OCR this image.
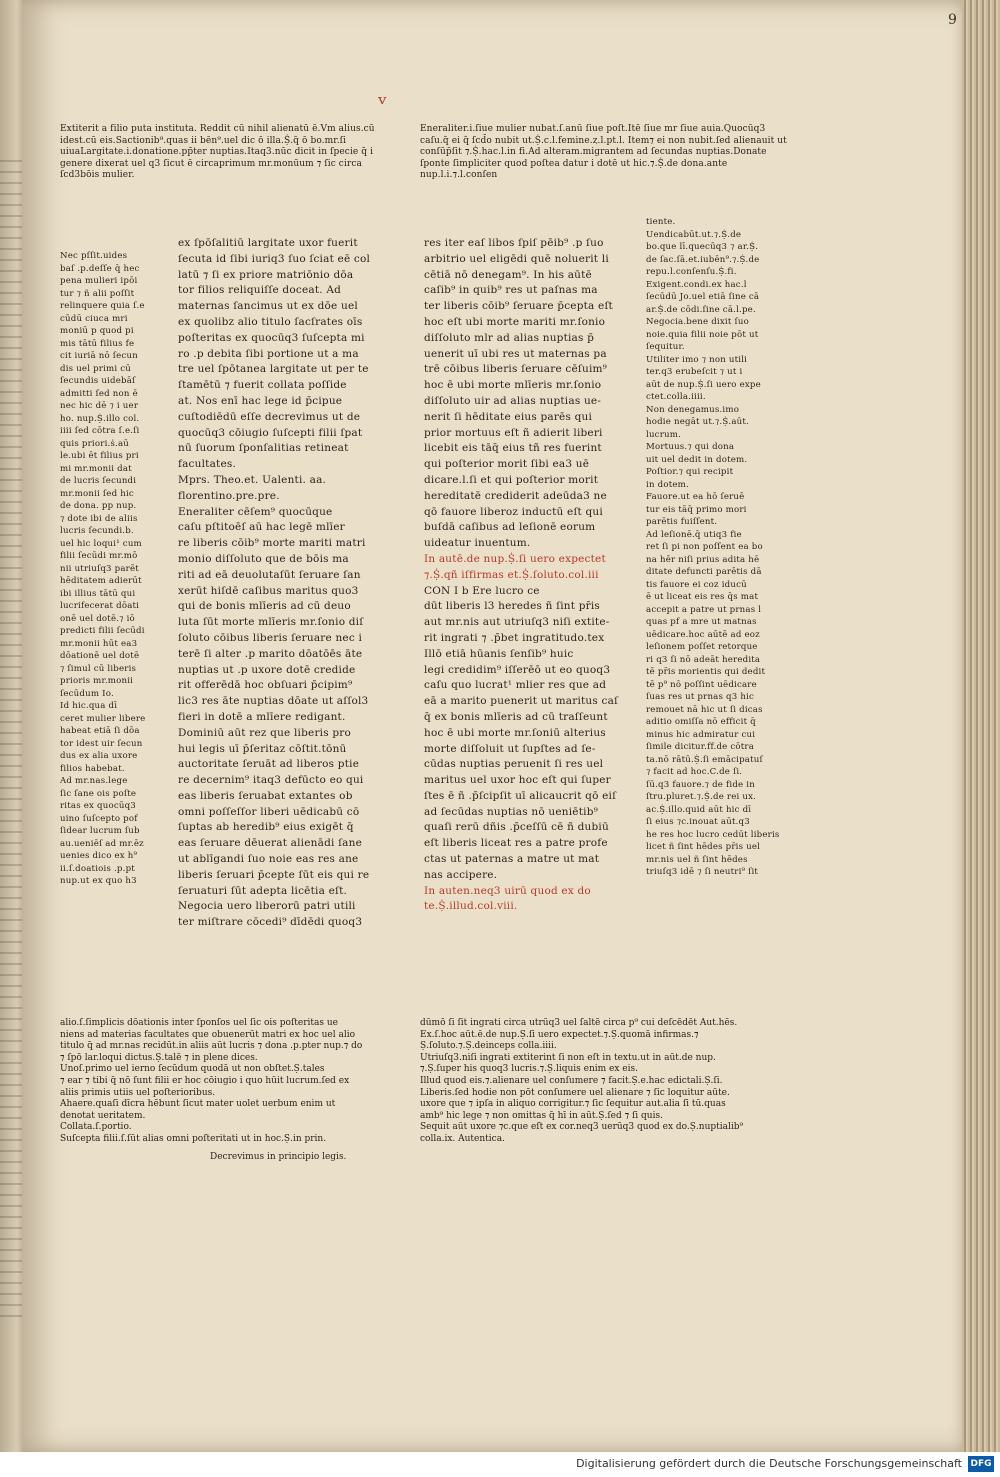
9
ᵛ
Extiterit a filio puta instituta. Reddit cū nihil alienatū ē.Vm alius.cū idest.cū eis.Sactionib⁹.quas ii bēn⁹.uel dic ō illa.Ṩ.q̄ ō bo.mr.ſi uiuaLargitate.i.donatione.pp̄ter nuptias.Itaq3.nūc dicit in ſpecie q̄ i genere dixerat uel q3 ſicut ē circaprimum mr.monūum ⁊ ſic circa ſcd3bōis mulier.
Eneraliter.i.ſiue mulier nubat.ſ.anū ſiue poſt.Itē ſiue mr ſiue auia.Quocūq3 caſu.q̄ ei q̄ ſcd̄o nubit ut.Ṩ.c.l.femine.ⱬ.l.pt.l. Item⁊ ei non nubit.ſed alienauit ut conſūp̄ſit ⁊.Ṩ.hac.l.in fi.Ad alteram.migrantem ad ſecundas nuptias.Donate ſponte ſimpliciter quod poſtea datur i dotē ut hic.⁊.Ṩ.de dona.ante nup.l.i.⁊.l.conſen
Nec pſſit.uides
baſ .p.deſſe q̄ hec
pena mulieri ipōi
tur ⁊ ñ alii poſſit
relinquere quia ſ.e
cūdū ciuca mri
moniū p quod pi
mis tātū filius fe
cit iuriā nō ſecun
dis uel primi cū
ſecundis uidebāſ
admitti ſed non ē
nec hic dē ⁊ i uer
ho. nup.Ṩ.illo col.
iiii ſed cōtra ſ.e.ſi
quis priori.ṡ.aū
le.ubi ēt filius pri
mi mr.monii dat
de lucris ſecundi
mr.monii ſed hic
de dona. pp nup.
⁊ dote ibi de aliis
lucris ſecundi.b.
uel hic loqui¹ cum
filii ſecūdi mr.mō
nii utriuſq3 parēt
hēditatem adierūt
ibi illius tātū qui
lucrifecerat dōati
onē uel dotē.⁊ iō
predicti filii ſecūdi
mr.monii hūt ea3
dōationē uel dotē
⁊ ſimul cū liberis
prioris mr.monii
ſecūdum Io.
Id hic.qua dī
ceret mulier libere
habeat etiā ſi dōa
tor idest uir ſecun
dus ex alia uxore
filios habebat.
Ad mr.nas.lege
ſic ſane ois poſte
ritas ex quocūq3
uino ſuſcepto pof
ſidear lucrum ſub
au.ueniēſ ad mr.ēz
uenies dico ex h⁹
ii.ſ.doatiois .p.pt
nup.ut ex quo h3
ex ſpōſalitiū largitate uxor fuerit
ſecuta id ſibi iuriq3 ſuo ſciat eē col
latū ⁊ ſi ex priore matriōnio dōa
tor filios reliquiſſe doceat. Ad
maternas ſancimus ut ex dōe uel
ex quolibz alio titulo ſacſrates oīs
poſteritas ex quocūq3 ſuſcepta mi
ro .p debita ſibi portione ut a ma
tre uel ſpōtanea largitate ut per te
ſtamētū ⁊ fuerit collata poſſide
at. Nos enī hac lege id p̄cipue
cuſtodiēdū eſſe decrevimus ut de
quocūq3 cōiugio ſuſcepti filii ſpat
nū ſuorum ſponſalitias retineat
facultates.
Mprs. Theo.et. Ualenti. aa.
florentino.pre.pre.
Eneraliter cēſem⁹ quocūque
caſu pſtitoēſ aū hac legē mlīer
re liberis cōib⁹ morte mariti matri
monio diſſoluto que de bōis ma
riti ad eā deuolutaſūt ſeruare ſan
xerūt hiſdē caſibus maritus quo3
qui de bonis mlīeris ad cū deuo
luta ſūt morte mlīeris mr.ſonio diſ
ſoluto cōibus liberis ſeruare nec i
terē ſi alter .p marito dōatōēs āte
nuptias ut .p uxore dotē credide
rit offerēdā hoc obſuari p̄cipim⁹
lic3 res āte nuptias dōate ut aſſol3
fieri in dotē a mlīere redigant.
Dominiū aūt rez que liberis pro
hui legis uī p̄ſeritaz cōſtit.tōnū
auctoritate ſeruāt ad liberos ptie
re decernim⁹ itaq3 defūcto eo qui
eas liberis ſeruabat extantes ob
omni poſſeſſor liberi uēdicabū cō
ſuptas ab heredib⁹ eius exigēt q̄
eas ſeruare dēuerat alienādi ſane
ut ablīgandi ſuo noie eas res ane
liberis ſeruari p̄cepte ſūt eis qui re
ſeruaturi ſūt adepta licētia eſt.
Negocia uero liberorū patri utili
ter miſtrare cōcedi⁹ dīdēdi quoq3
res iter eaſ libos ſpiſ pēib⁹ .p ſuo
arbitrio uel eligēdi quē noluerit li
cētiā nō denegam⁹. In his aūtē
caſib⁹ in quib⁹ res ut paſnas ma
ter liberis cōib⁹ ſeruare p̄cepta eſt
hoc eſt ubi morte mariti mr.ſonio
diſſoluto mlr ad alias nuptias p̄
uenerit uī ubi res ut maternas pa
trē cōibus liberis ſeruare cēſuim⁹
hoc ē ubi morte mlīeris mr.ſonio
diſſoluto uir ad alias nuptias ue-
nerit ſi hēditate eius parēs qui
prior mortuus eſt ñ adierit liberi
licebit eis tāq̄ eius tñ res fuerint
qui poſterior morit ſibi ea3 uē
dicare.l.ſi et qui poſterior morit
hereditatē crediderit adeūda3 ne
qō fauore liberoz inductū eſt qui
buſdā caſibus ad leſionē eorum
uideatur inuentum.
In autē.de nup.Ṩ.ſi uero expectet
⁊.Ṩ.qñ iſfirmas et.Ṩ.ſoluto.col.iii
CON I b Ere lucro ce
dūt liberis l3 heredes ñ ſint pr̄is
aut mr.nis aut utriuſq3 niſi extite-
rit ingrati ⁊ .p̄bet ingratitudo.tex
Illō etiā hūanis ſenſib⁹ huic
legi credidim⁹ iſſerēō ut eo quoq3
caſu quo lucrat¹ mlier res que ad
eā a marito puenerit ut maritus caſ
q̄ ex bonis mlīeris ad cū traſſeunt
hoc ē ubi morte mr.ſoniū alterius
morte diſſoluit ut ſupſtes ad ſe-
cūdas nuptias peruenit ſi res uel
maritus uel uxor hoc eſt qui ſuper
ſtes ē ñ .p̄ſcipſit uī alicaucrit qō eiſ
ad ſecūdas nuptias nō ueniētib⁹
quaſi rerū dñis .p̄ceſſū cē ñ dubiū
eſt liberis liceat res a patre profe
ctas ut paternas a matre ut mat
nas accipere.
In auten.neq3 uirū quod ex do
te.Ṩ.illud.col.viii.
tiente.
Uendicabūt.ut.⁊.Ṩ.de
bo.que lī.quecūq3 ⁊ ar.Ṩ.
de ſac.ſā.et.iubēn⁹.⁊.Ṩ.de
repu.l.conſenſu.Ṩ.fi.
Exigent.condi.ex hac.l
ſecūdū Jo.uel etiā ſine cā
ar.Ṩ.de cōdi.ſine cā.l.pe.
Negocia.bene dixit ſuo
noie.quia filii noie pōt ut
ſequitur.
Utiliter imo ⁊ non utili
ter.q3 erubeſcit ⁊ ut i
aūt de nup.Ṩ.ſi uero expe
ctet.colla.iiii.
Non denegamus.imo
hodie negāt ut.⁊.Ṩ.aūt.
lucrum.
Mortuus.⁊ qui dona
uit uel dedit in dotem.
Poſtior.⁊ qui recipit
in dotem.
Fauore.ut ea hō ſeruē
tur eis tāq̄ primo mori
parētis fuiſſent.
Ad leſionē.q̄ utiq3 fie
ret ſi pi non poſſent ea bo
na hēr niſi prius adita hē
ditate defuncti parētis dā
tis fauore ei coz iducū
ē ut liceat eis res q̄s mat
accepit a patre ut prnas l
quas pf a mre ut matnas
uēdicare.hoc aūtē ad eoz
leſionem poſſet retorque
ri q3 ſi nō adeāt heredita
tē pr̄is morientis qui dedit
tē p⁹ nō poſſint uēdicare
ſuas res ut prnas q3 hic
remouet nā hic ut ſi dicas
aditio omiſſa nō efficit q̄
minus hic admiratur cui
ſimile dicitur.ff.de cōtra
ta.nō rātū.Ṩ.ſi emācipatuſ
⁊ facit ad hoc.C.de ſi.
ſū.q3 fauore.⁊ de fide in
ſtru.pluret.⁊.Ṩ.de rei ux.
ac.Ṩ.illo.quid aūt hic dī
ſi eius ⁊c.inouat aūt.q3
he res hoc lucro cedūt liberis
licet ñ ſint hēdes pr̄is uel
mr.nis uel ñ ſint hēdes
triuſq3 idē ⁊ ſi neutri⁹ ſit
alio.ſ.ſimplicis dōationis inter ſponſos uel ſic ois poſteritas ue
niens ad materias facultates que obuenerūt matri ex hoc uel alio
titulo q̄ ad mr.nas recidūt.in aliis aūt lucris ⁊ dona .p.pter nup.⁊ do
⁊ ſpō lar.loqui dictus.Ṩ.talē ⁊ in plene dices.
Unoſ.primo uel ierno ſecūdum quodā ut non obſtet.Ṩ.tales
⁊ ear ⁊ tibi q̄ nō ſunt filii er hoc cōiugio i quo hūit lucrum.ſed ex
aliis primis utiis uel poſterioribus.
Ahaere.quaſi dīcra hēbunt ſicut mater uolet uerbum enim ut
denotat ueritatem.
Collata.ſ.portio.
Suſcepta filii.ſ.ſūt alias omni poſteritati ut in hoc.Ṩ.in prin.
Decrevimus in principio legis.
dūmō ſi ſit ingrati circa utrūq3 uel ſaltē circa p⁹ cui deſcēdēt Aut.hēs.
Ex.ſ.hoc aūt.ē.de nup.Ṩ.ſi uero expectet.⁊.Ṩ.quomā infirmas.⁊
Ṩ.ſoluto.⁊.Ṩ.deinceps colla.iiii.
Utriuſq3.niſi ingrati extiterint ſi non eſt in textu.ut in aūt.de nup.
⁊.Ṩ.ſuper his quoq3 lucris.⁊.Ṩ.liquis enim ex eis.
Illud quod eis.⁊.alienare uel conſumere ⁊ facit.Ṩ.e.hac edictali.Ṩ.ſi.
Liberis.ſed hodie non pōt conſumere uel alienare ⁊ ſic loquitur aūte.
uxore que ⁊ ipſa in aliquo corrigitur.⁊ ſic ſequitur aut.alia ſi tū.quas
amb⁹ hic lege ⁊ non omittas q̄ hī in aūt.Ṩ.ſed ⁊ ſi quis.
Sequit aūt uxore ⁊c.que eſt ex cor.neq3 uerūq3 quod ex do.Ṩ.nuptialib⁹
colla.ix. Autentica.
Digitalisierung gefördert durch die Deutsche Forschungsgemeinschaft DFG
